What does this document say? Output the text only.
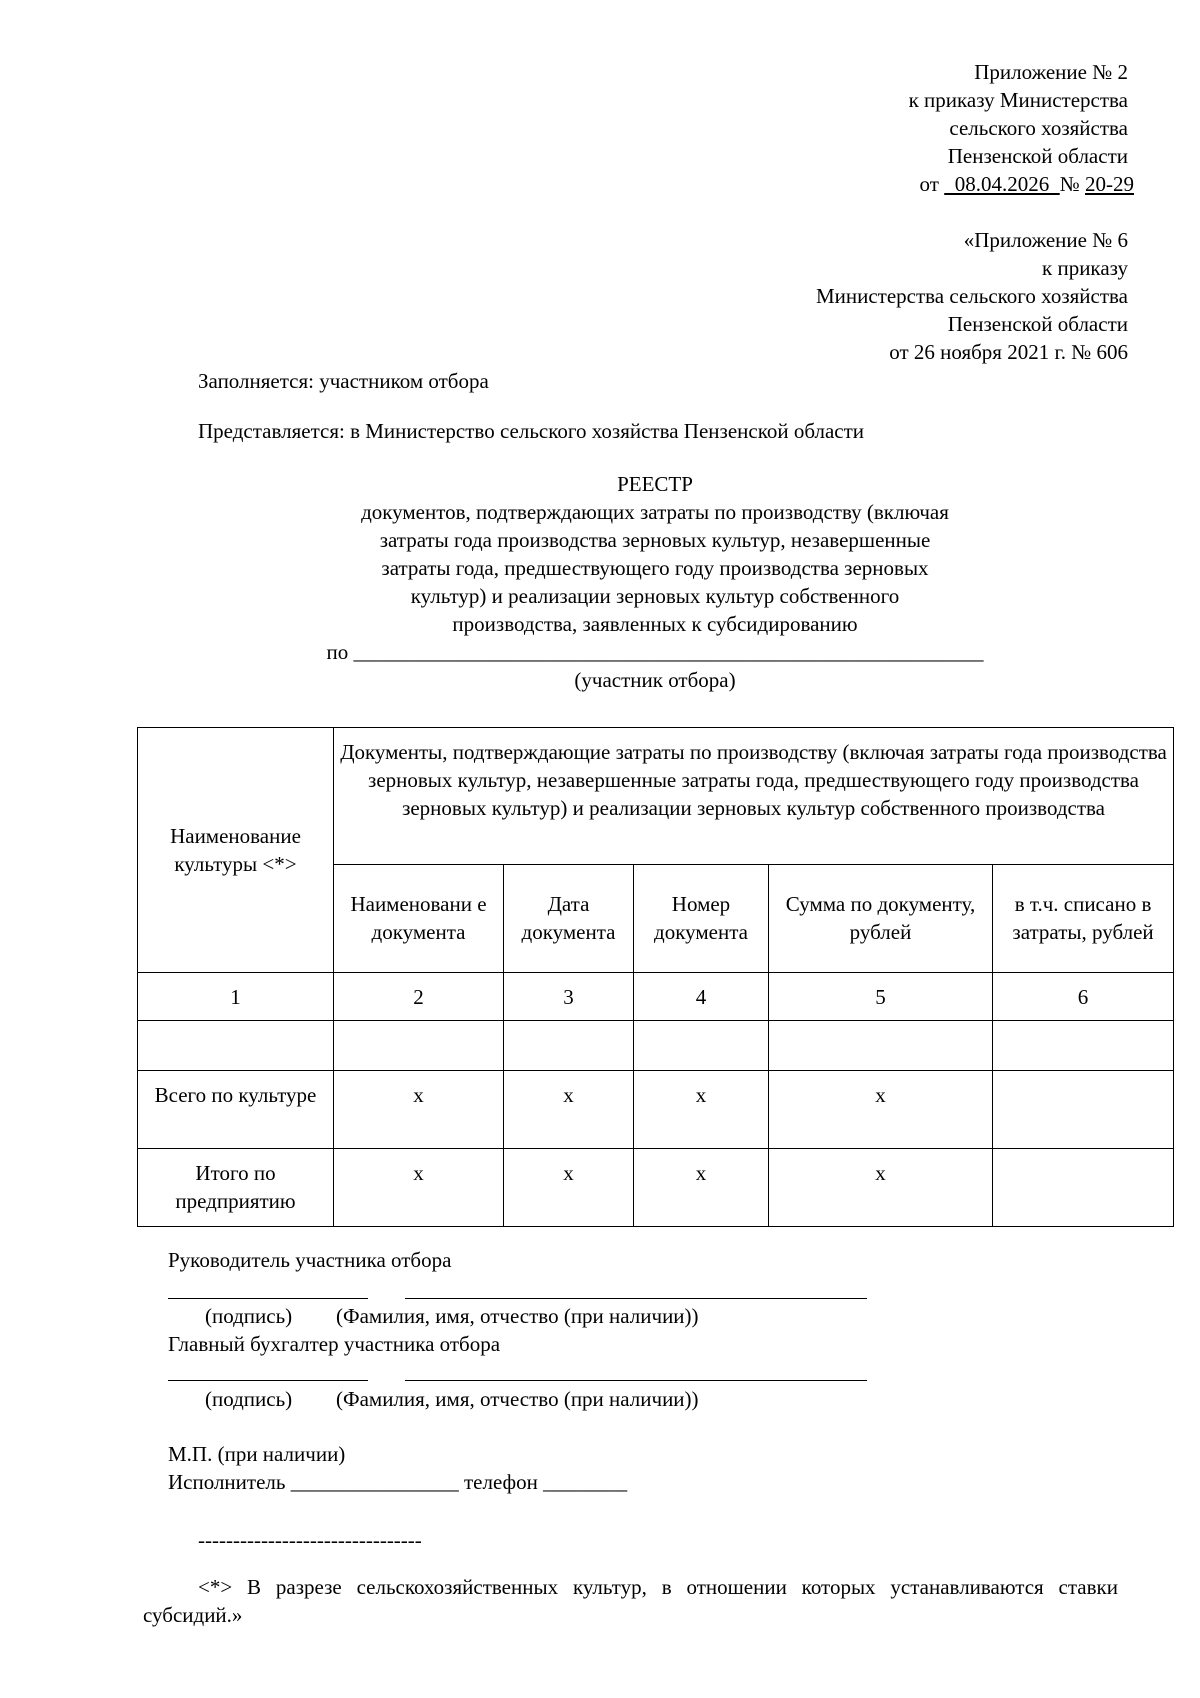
Приложение № 2
к приказу Министерства
сельского хозяйства
Пензенской области
от   08.04.2026  № 20-29
«Приложение № 6
к приказу
Министерства сельского хозяйства
Пензенской области
от 26 ноября 2021 г. № 606
Заполняется: участником отбора
Представляется: в Министерство сельского хозяйства Пензенской области
РЕЕСТР
документов, подтверждающих затраты по производству (включая
затраты года производства зерновых культур, незавершенные
затраты года, предшествующего году производства зерновых
культур) и реализации зерновых культур собственного
производства, заявленных к субсидированию
по ____________________________________________________________
(участник отбора)
Наименование культуры <*>	Документы, подтверждающие затраты по производству (включая затраты года производства зерновых культур, незавершенные затраты года, предшествующего году производства зерновых культур) и реализации зерновых культур собственного производства				
	Наименовани е документа	Дата документа	Номер документа	Сумма по документу, рублей	в т.ч. списано в затраты, рублей
1	2	3	4	5	6

Всего по культуре	x	x	x	x	
Итого по предприятию	x	x	x	x	
Руководитель участника отбора
(подпись) (Фамилия, имя, отчество (при наличии))
Главный бухгалтер участника отбора
(подпись) (Фамилия, имя, отчество (при наличии))
М.П. (при наличии)
Исполнитель ________________ телефон ________
--------------------------------
<*> В разрезе сельскохозяйственных культур, в отношении которых устанавливаются ставки субсидий.»
